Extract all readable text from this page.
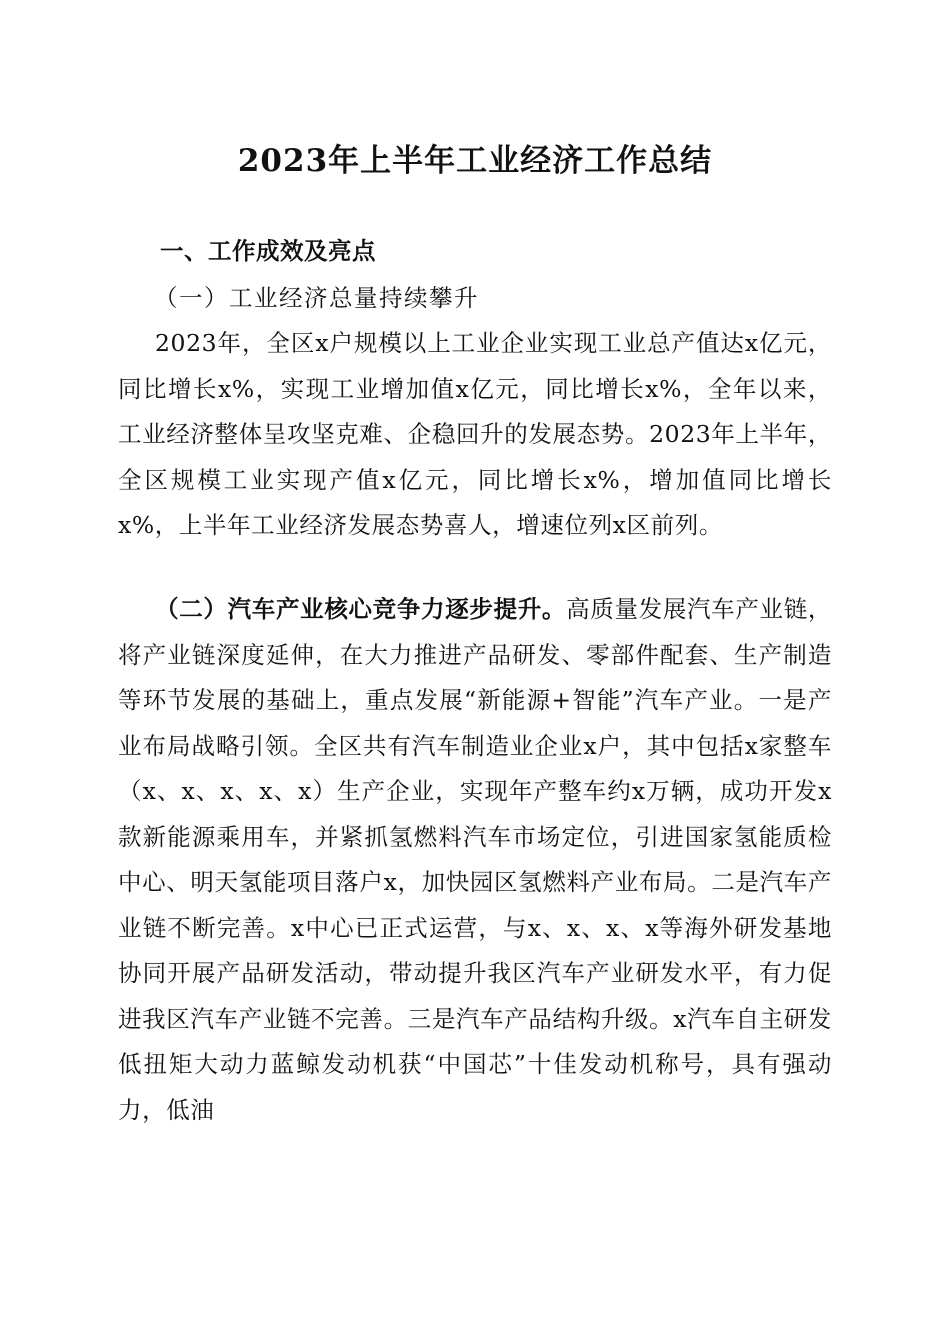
2023年上半年工业经济工作总结
一、工作成效及亮点
（一）工业经济总量持续攀升
2023年，全区x户规模以上工业企业实现工业总产值达x亿元，同比增长x%，实现工业增加值x亿元，同比增长x%，全年以来，工业经济整体呈攻坚克难、企稳回升的发展态势。2023年上半年，全区规模工业实现产值x亿元，同比增长x%，增加值同比增长x%，上半年工业经济发展态势喜人，增速位列x区前列。
（二）汽车产业核心竞争力逐步提升。高质量发展汽车产业链，将产业链深度延伸，在大力推进产品研发、零部件配套、生产制造等环节发展的基础上，重点发展“新能源+智能”汽车产业。一是产业布局战略引领。全区共有汽车制造业企业x户，其中包括x家整车（x、x、x、x、x）生产企业，实现年产整车约x万辆，成功开发x款新能源乘用车，并紧抓氢燃料汽车市场定位，引进国家氢能质检中心、明天氢能项目落户x，加快园区氢燃料产业布局。二是汽车产业链不断完善。x中心已正式运营，与x、x、x、x等海外研发基地协同开展产品研发活动，带动提升我区汽车产业研发水平，有力促进我区汽车产业链不完善。三是汽车产品结构升级。x汽车自主研发低扭矩大动力蓝鲸发动机获“中国芯”十佳发动机称号，具有强动力，低油
